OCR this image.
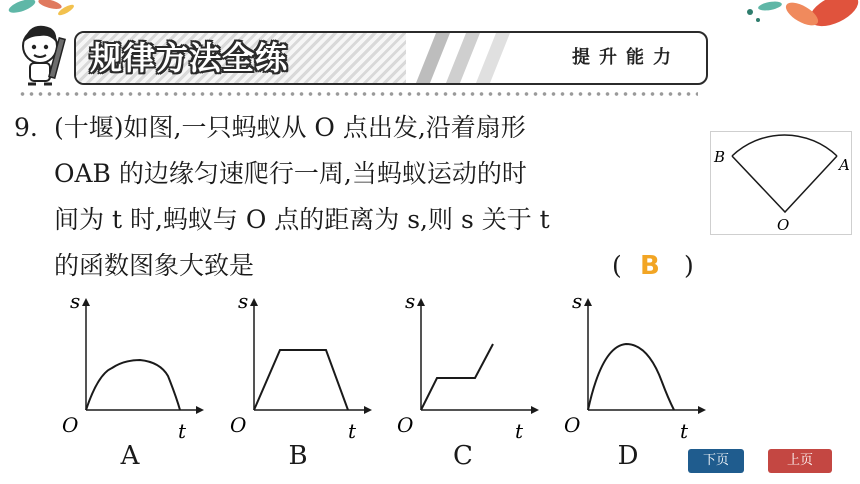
规律方法全练	提升能力
9. (十堰)如图,一只蚂蚁从 O 点出发,沿着扇形
OAB 的边缘匀速爬行一周,当蚂蚁运动的时
间为 t 时,蚂蚁与 O 点的距离为 s,则 s 关于 t
的函数图象大致是	( B )
B	A
O
s
O	t
s
O	t
s
O	t
s
O	t
A	B	C	D	下页	上页
